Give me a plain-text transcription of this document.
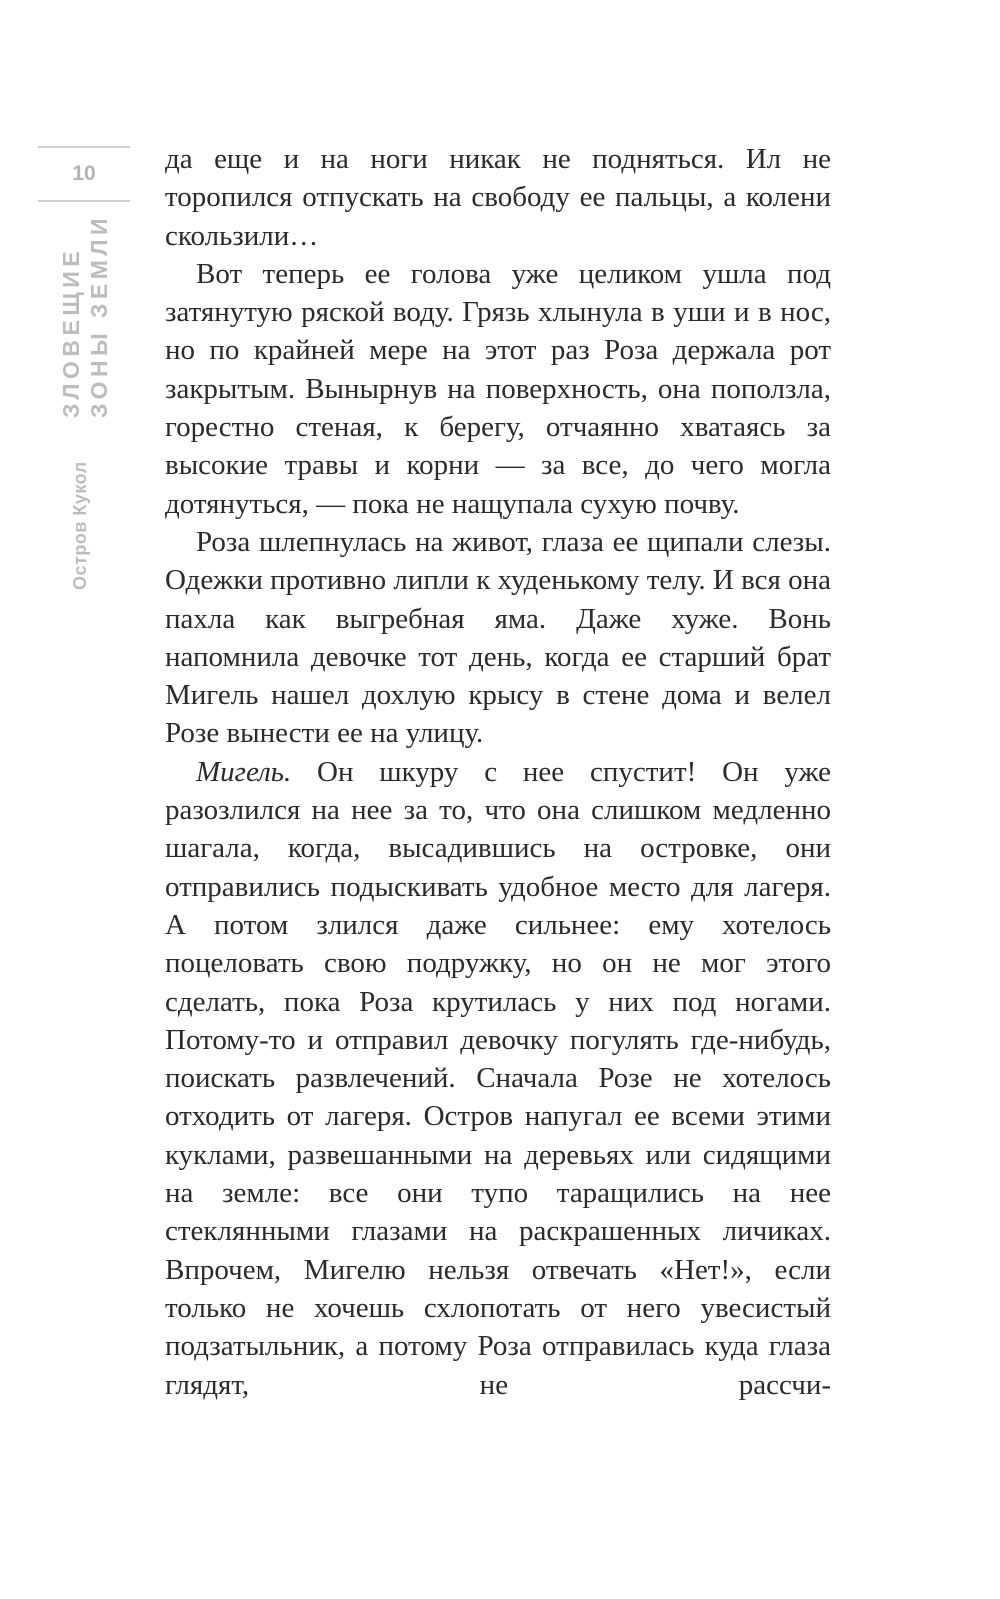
10
ЗЛОВЕЩИЕ ЗОНЫ ЗЕМЛИ
Остров Кукол

да еще и на ноги никак не подняться. Ил не торопился отпускать на свободу ее пальцы, а колени скользили…

Вот теперь ее голова уже целиком ушла под затянутую ряской воду. Грязь хлынула в уши и в нос, но по крайней мере на этот раз Роза держала рот закрытым. Вынырнув на поверхность, она поползла, горестно стеная, к берегу, отчаянно хватаясь за высокие травы и корни — за все, до чего могла дотянуться, — пока не нащупала сухую почву.

Роза шлепнулась на живот, глаза ее щипали слезы. Одежки противно липли к худенькому телу. И вся она пахла как выгребная яма. Даже хуже. Вонь напомнила девочке тот день, когда ее старший брат Мигель нашел дохлую крысу в стене дома и велел Розе вынести ее на улицу.

Мигель. Он шкуру с нее спустит! Он уже разозлился на нее за то, что она слишком медленно шагала, когда, высадившись на островке, они отправились подыскивать удобное место для лагеря. А потом злился даже сильнее: ему хотелось поцеловать свою подружку, но он не мог этого сделать, пока Роза крутилась у них под ногами. Потому-то и отправил девочку погулять где-нибудь, поискать развлечений. Сначала Розе не хотелось отходить от лагеря. Остров напугал ее всеми этими куклами, развешанными на деревьях или сидящими на земле: все они тупо таращились на нее стеклянными глазами на раскрашенных личиках. Впрочем, Мигелю нельзя отвечать «Нет!», если только не хочешь схлопотать от него увесистый подзатыльник, а потому Роза отправилась куда глаза глядят, не рассчи-
